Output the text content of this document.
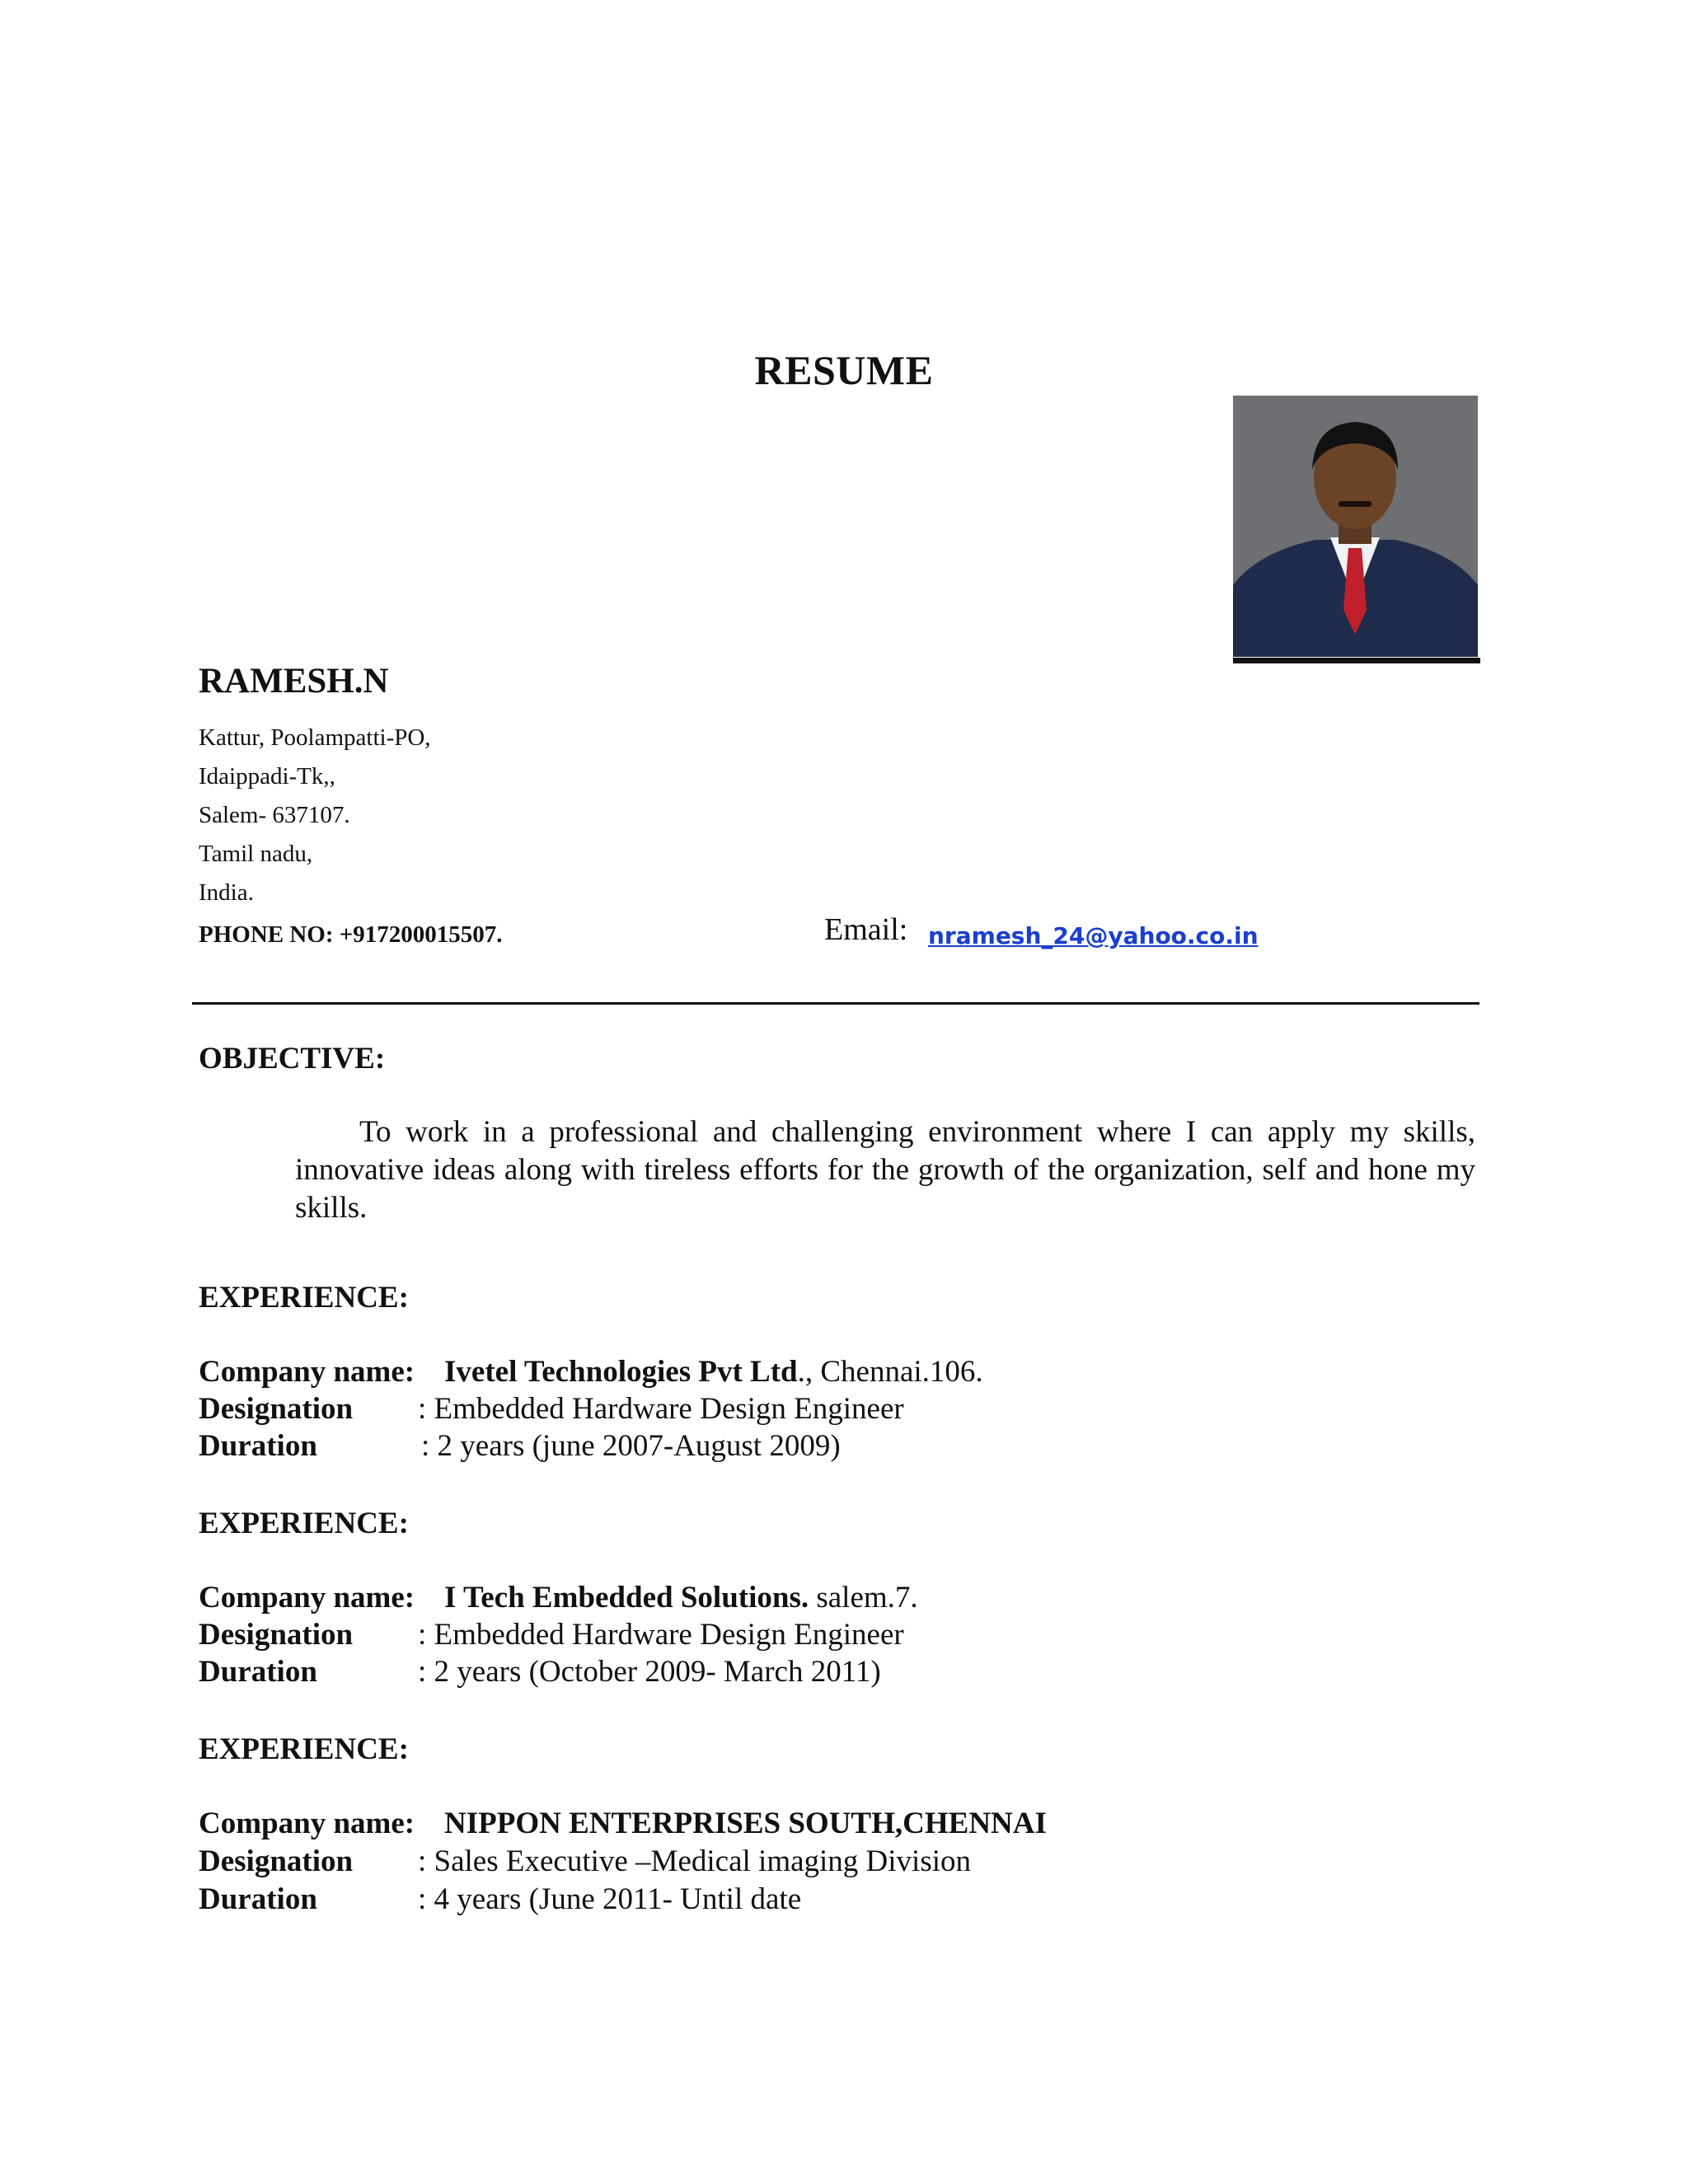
RESUME
RAMESH.N
Kattur, Poolampatti-PO,
Idaippadi-Tk,,
Salem- 637107.
Tamil nadu,
India.
PHONE NO: +917200015507.	Email: nramesh_24@yahoo.co.in
OBJECTIVE:
To work in a professional and challenging environment where I can apply my skills, innovative ideas along with tireless efforts for the growth of the organization, self and hone my skills.
EXPERIENCE:
Company name: Ivetel Technologies Pvt Ltd., Chennai.106.
Designation : Embedded Hardware Design Engineer
Duration	: 2 years (june 2007-August 2009)
EXPERIENCE:
Company name: I Tech Embedded Solutions. salem.7.
Designation : Embedded Hardware Design Engineer
Duration	: 2 years (October 2009- March 2011)
EXPERIENCE:
Company name: NIPPON ENTERPRISES SOUTH,CHENNAI
Designation : Sales Executive –Medical imaging Division
Duration	: 4 years (June 2011- Until date
